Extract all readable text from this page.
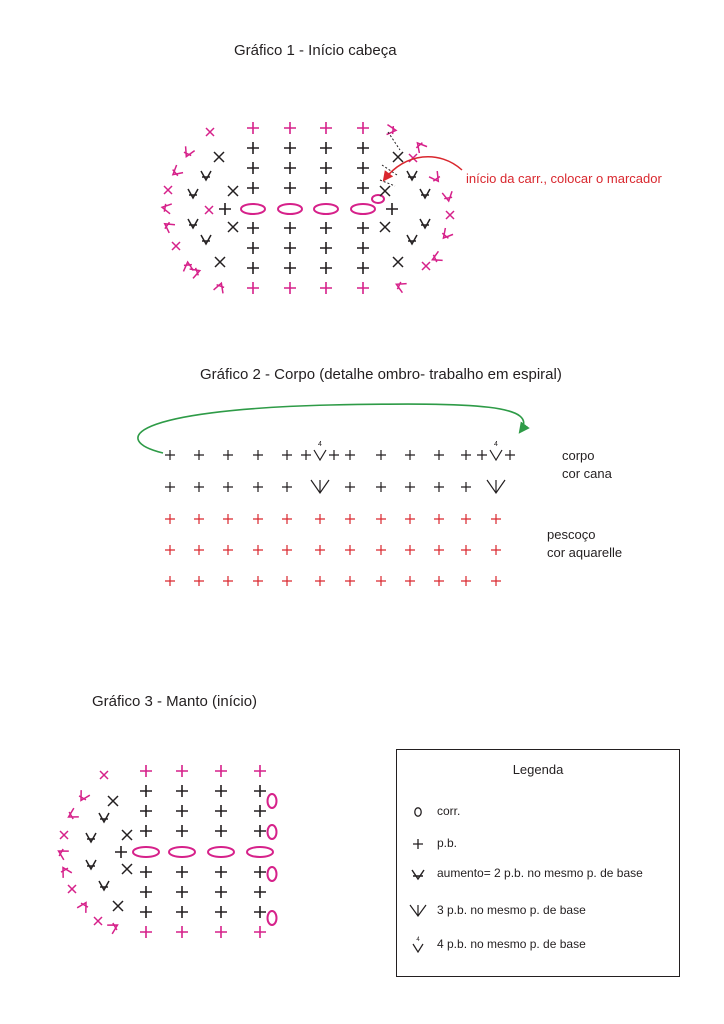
Gráfico 1 - Início cabeça
Gráfico 2 - Corpo (detalhe ombro- trabalho em espiral)
Gráfico 3 - Manto (início)
início da carr., colocar o marcador
corpo
cor cana
pescoço
cor aquarelle
4	4
Legenda
corr.
p.b.
aumento= 2 p.b. no mesmo p. de base
3 p.b. no mesmo p. de base
4 4 p.b. no mesmo p. de base
